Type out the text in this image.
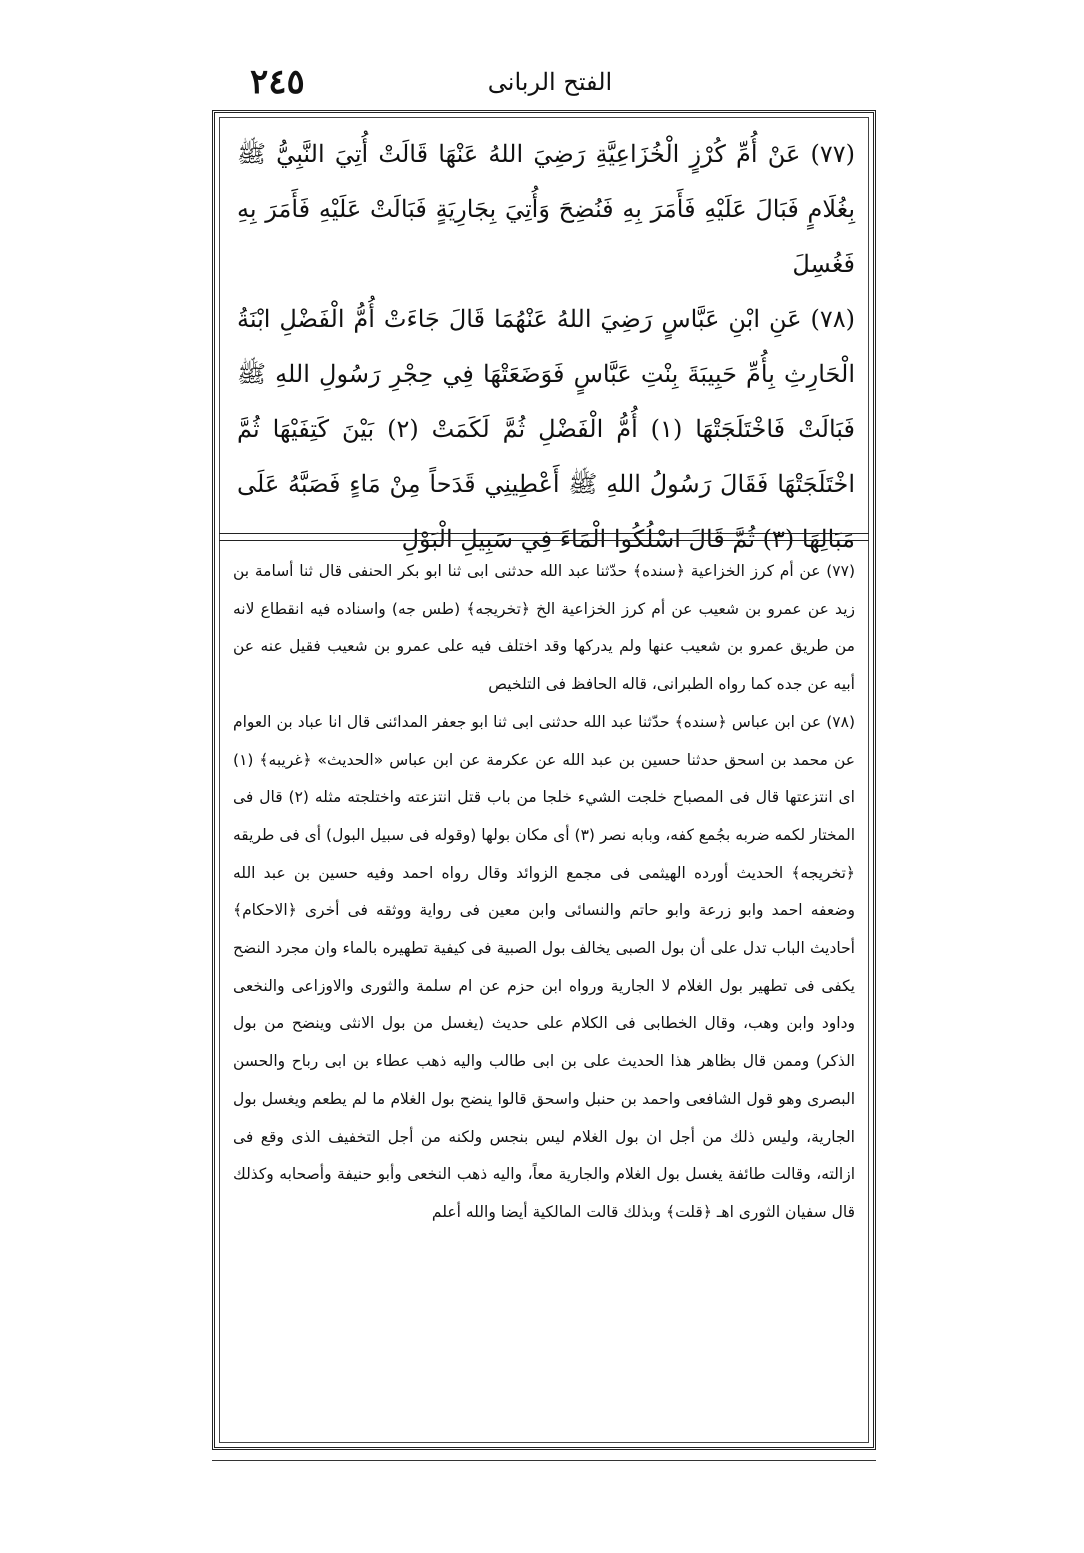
٢٤٥	الفتح الربانى

(٧٧) عَنْ أُمِّ كُرْزٍ الْخُزَاعِيَّةِ رَضِيَ اللهُ عَنْهَا قَالَتْ أُتِيَ النَّبِيُّ ﷺ بِغُلَامٍ فَبَالَ عَلَيْهِ فَأَمَرَ بِهِ فَنُضِحَ وَأُتِيَ بِجَارِيَةٍ فَبَالَتْ عَلَيْهِ فَأَمَرَ بِهِ فَغُسِلَ

(٧٨) عَنِ ابْنِ عَبَّاسٍ رَضِيَ اللهُ عَنْهُمَا قَالَ جَاءَتْ أُمُّ الْفَضْلِ ابْنَةُ الْحَارِثِ بِأُمِّ حَبِيبَةَ بِنْتِ عَبَّاسٍ فَوَضَعَتْهَا فِي حِجْرِ رَسُولِ اللهِ ﷺ فَبَالَتْ فَاخْتَلَجَتْهَا (١) أُمُّ الْفَضْلِ ثُمَّ لَكَمَتْ (٢) بَيْنَ كَتِفَيْهَا ثُمَّ اخْتَلَجَتْهَا فَقَالَ رَسُولُ اللهِ ﷺ أَعْطِينِي قَدَحاً مِنْ مَاءٍ فَصَبَّهُ عَلَى مَبَالِهَا (٣) ثُمَّ قَالَ اسْلُكُوا الْمَاءَ فِي سَبِيلِ الْبَوْلِ

(٧٧) عن أم كرز الخزاعية ﴿سنده﴾ حدّثنا عبد الله حدثنى ابى ثنا ابو بكر الحنفى قال ثنا أسامة بن زيد عن عمرو بن شعيب عن أم كرز الخزاعية الخ ﴿تخريجه﴾ (طس جه) واسناده فيه انقطاع لانه من طريق عمرو بن شعيب عنها ولم يدركها وقد اختلف فيه على عمرو بن شعيب فقيل عنه عن أبيه عن جده كما رواه الطبرانى، قاله الحافظ فى التلخيص

(٧٨) عن ابن عباس ﴿سنده﴾ حدّثنا عبد الله حدثنى ابى ثنا ابو جعفر المدائنى قال انا عباد بن العوام عن محمد بن اسحق حدثنا حسين بن عبد الله عن عكرمة عن ابن عباس «الحديث» ﴿غريبه﴾ (١) اى انتزعتها قال فى المصباح خلجت الشيء خلجا من باب قتل انتزعته واختلجته مثله (٢) قال فى المختار لكمه ضربه بجُمع كفه، وبابه نصر (٣) أى مكان بولها (وقوله فى سبيل البول) أى فى طريقه ﴿تخريجه﴾ الحديث أورده الهيثمى فى مجمع الزوائد وقال رواه احمد وفيه حسين بن عبد الله وضعفه احمد وابو زرعة وابو حاتم والنسائى وابن معين فى رواية ووثقه فى أخرى ﴿الاحكام﴾ أحاديث الباب تدل على أن بول الصبى يخالف بول الصبية فى كيفية تطهيره بالماء وان مجرد النضح يكفى فى تطهير بول الغلام لا الجارية ورواه ابن حزم عن ام سلمة والثورى والاوزاعى والنخعى وداود وابن وهب، وقال الخطابى فى الكلام على حديث (يغسل من بول الانثى وينضح من بول الذكر) وممن قال بظاهر هذا الحديث على بن ابى طالب واليه ذهب عطاء بن ابى رباح والحسن البصرى وهو قول الشافعى واحمد بن حنبل واسحق قالوا ينضح بول الغلام ما لم يطعم ويغسل بول الجارية، وليس ذلك من أجل ان بول الغلام ليس بنجس ولكنه من أجل التخفيف الذى وقع فى ازالته، وقالت طائفة يغسل بول الغلام والجارية معاً، واليه ذهب النخعى وأبو حنيفة وأصحابه وكذلك قال سفيان الثورى اهـ ﴿قلت﴾ وبذلك قالت المالكية أيضا والله أعلم
